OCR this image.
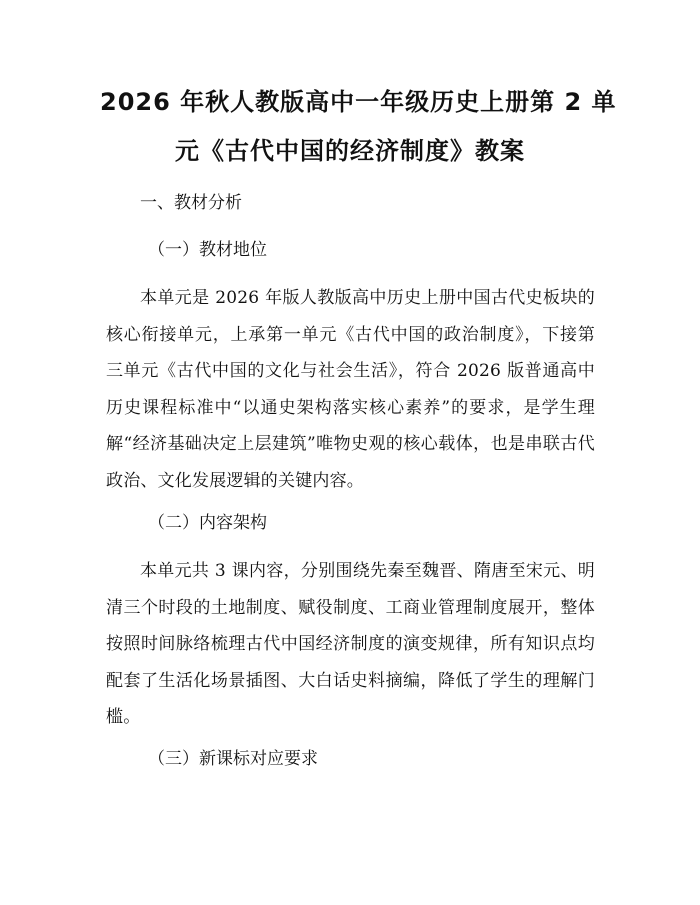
2026 年秋人教版高中一年级历史上册第 2 单
元《古代中国的经济制度》教案
一、教材分析
（一）教材地位
本单元是 2026 年版人教版高中历史上册中国古代史板块的核心衔接单元，上承第一单元《古代中国的政治制度》，下接第三单元《古代中国的文化与社会生活》，符合 2026 版普通高中历史课程标准中“以通史架构落实核心素养”的要求，是学生理解“经济基础决定上层建筑”唯物史观的核心载体，也是串联古代政治、文化发展逻辑的关键内容。
（二）内容架构
本单元共 3 课内容，分别围绕先秦至魏晋、隋唐至宋元、明清三个时段的土地制度、赋役制度、工商业管理制度展开，整体按照时间脉络梳理古代中国经济制度的演变规律，所有知识点均配套了生活化场景插图、大白话史料摘编，降低了学生的理解门槛。
（三）新课标对应要求
